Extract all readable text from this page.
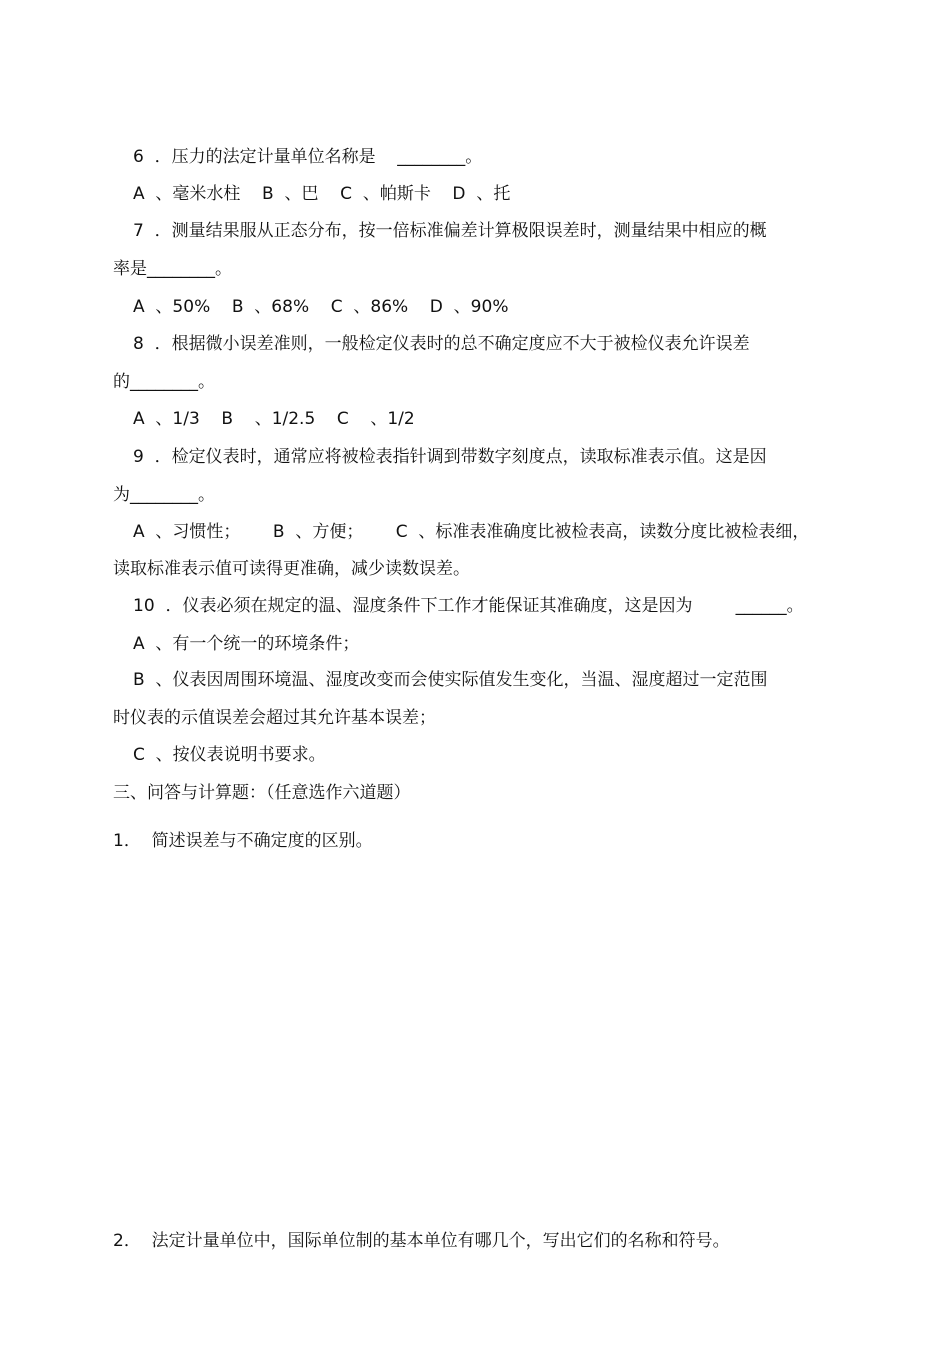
6  ．压力的法定计量单位名称是    ________。
A  、毫米水柱    B  、巴    C  、帕斯卡    D  、托
7  ．测量结果服从正态分布，按一倍标准偏差计算极限误差时，测量结果中相应的概
率是________。
A  、50%    B  、68%    C  、86%    D  、90%
8  ．根据微小误差准则，一般检定仪表时的总不确定度应不大于被检仪表允许误差
的________。
A  、1/3    B    、1/2.5    C    、1/2
9  ．检定仪表时，通常应将被检表指针调到带数字刻度点，读取标准表示值。这是因
为________。
A  、习惯性；      B  、方便；      C  、标准表准确度比被检表高，读数分度比被检表细，
读取标准表示值可读得更准确，减少读数误差。
10  ．仪表必须在规定的温、湿度条件下工作才能保证其准确度，这是因为        ______。
A  、有一个统一的环境条件；
B  、仪表因周围环境温、湿度改变而会使实际值发生变化，当温、湿度超过一定范围
时仪表的示值误差会超过其允许基本误差；
C  、按仪表说明书要求。
三、问答与计算题：（任意选作六道题）
1．  简述误差与不确定度的区别。
2．  法定计量单位中，国际单位制的基本单位有哪几个，写出它们的名称和符号。
